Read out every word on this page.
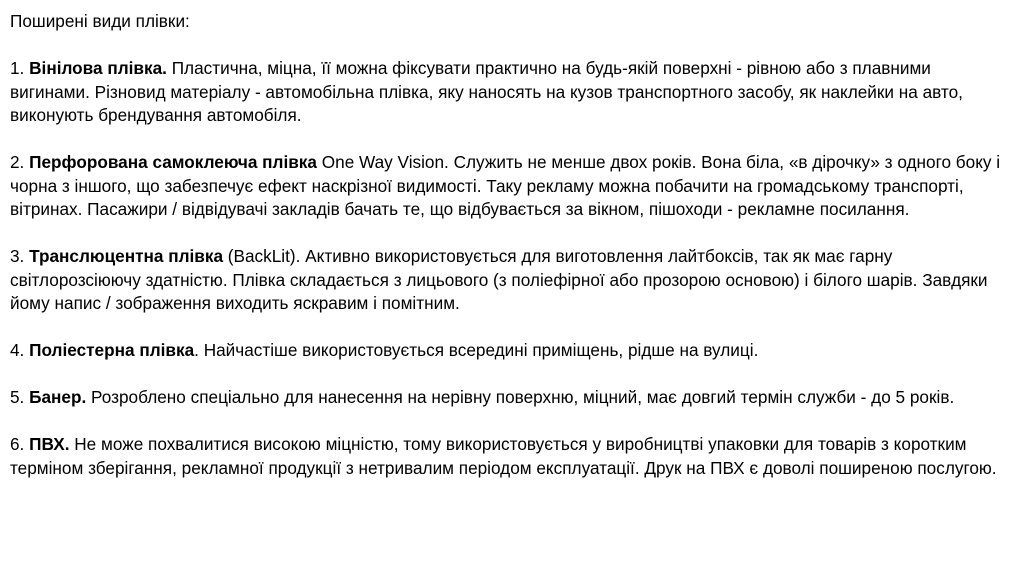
Поширені види плівки:

1. Вінілова плівка. Пластична, міцна, її можна фіксувати практично на будь-якій поверхні - рівною або з плавними вигинами. Різновид матеріалу - автомобільна плівка, яку наносять на кузов транспортного засобу, як наклейки на авто, виконують брендування автомобіля.

2. Перфорована самоклеюча плівка One Way Vision. Служить не менше двох років. Вона біла, «в дірочку» з одного боку і чорна з іншого, що забезпечує ефект наскрізної видимості. Таку рекламу можна побачити на громадському транспорті, вітринах. Пасажири / відвідувачі закладів бачать те, що відбувається за вікном, пішоходи - рекламне посилання.

3. Транслюцентна плівка (BackLit). Активно використовується для виготовлення лайтбоксів, так як має гарну світлорозсіюючу здатністю. Плівка складається з лицьового (з поліефірної або прозорою основою) і білого шарів. Завдяки йому напис / зображення виходить яскравим і помітним.

4. Поліестерна плівка. Найчастіше використовується всередині приміщень, рідше на вулиці.

5. Банер. Розроблено спеціально для нанесення на нерівну поверхню, міцний, має довгий термін служби - до 5 років.

6. ПВХ. Не може похвалитися високою міцністю, тому використовується у виробництві упаковки для товарів з коротким терміном зберігання, рекламної продукції з нетривалим періодом експлуатації. Друк на ПВХ є доволі поширеною послугою.
